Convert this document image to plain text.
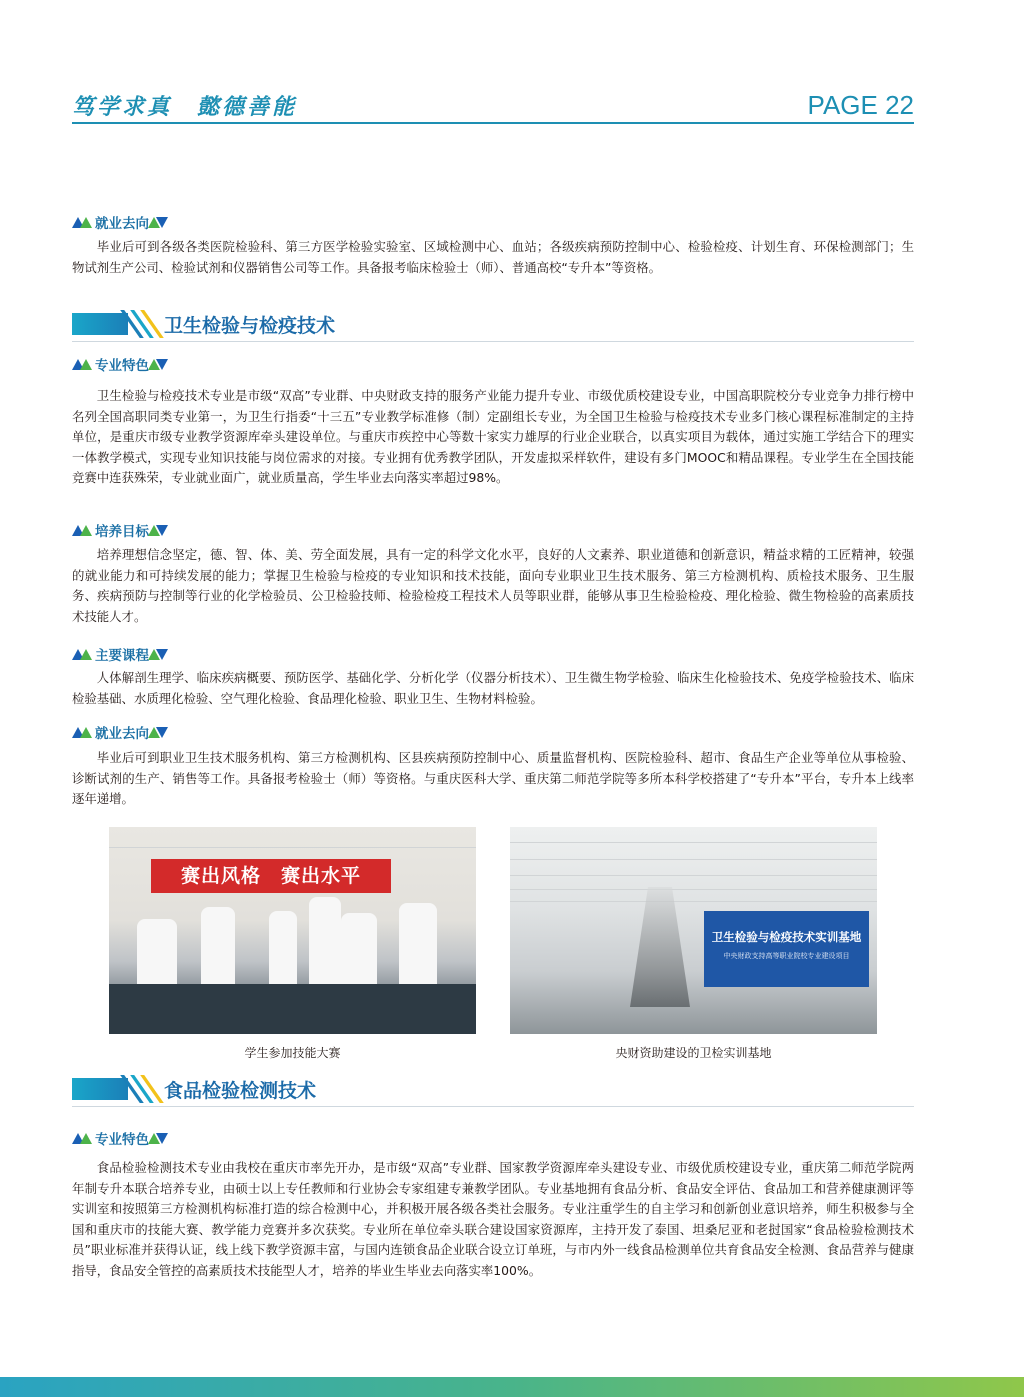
笃学求真　懿德善能	PAGE 22
就业去向

毕业后可到各级各类医院检验科、第三方医学检验实验室、区域检测中心、血站；各级疾病预防控制中心、检验检疫、计划生育、环保检测部门；生物试剂生产公司、检验试剂和仪器销售公司等工作。具备报考临床检验士（师）、普通高校“专升本”等资格。

卫生检验与检疫技术
专业特色

卫生检验与检疫技术专业是市级“双高”专业群、中央财政支持的服务产业能力提升专业、市级优质校建设专业，中国高职院校分专业竞争力排行榜中名列全国高职同类专业第一，为卫生行指委“十三五”专业教学标准修（制）定副组长专业，为全国卫生检验与检疫技术专业多门核心课程标准制定的主持单位，是重庆市级专业教学资源库牵头建设单位。与重庆市疾控中心等数十家实力雄厚的行业企业联合，以真实项目为载体，通过实施工学结合下的理实一体教学模式，实现专业知识技能与岗位需求的对接。专业拥有优秀教学团队，开发虚拟采样软件，建设有多门MOOC和精品课程。专业学生在全国技能竞赛中连获殊荣，专业就业面广，就业质量高，学生毕业去向落实率超过98%。

培养目标

培养理想信念坚定，德、智、体、美、劳全面发展，具有一定的科学文化水平，良好的人文素养、职业道德和创新意识，精益求精的工匠精神，较强的就业能力和可持续发展的能力；掌握卫生检验与检疫的专业知识和技术技能，面向专业职业卫生技术服务、第三方检测机构、质检技术服务、卫生服务、疾病预防与控制等行业的化学检验员、公卫检验技师、检验检疫工程技术人员等职业群，能够从事卫生检验检疫、理化检验、微生物检验的高素质技术技能人才。

主要课程

人体解剖生理学、临床疾病概要、预防医学、基础化学、分析化学（仪器分析技术）、卫生微生物学检验、临床生化检验技术、免疫学检验技术、临床检验基础、水质理化检验、空气理化检验、食品理化检验、职业卫生、生物材料检验。

就业去向

毕业后可到职业卫生技术服务机构、第三方检测机构、区县疾病预防控制中心、质量监督机构、医院检验科、超市、食品生产企业等单位从事检验、诊断试剂的生产、销售等工作。具备报考检验士（师）等资格。与重庆医科大学、重庆第二师范学院等多所本科学校搭建了“专升本”平台，专升本上线率逐年递增。

赛出风格　赛出水平
卫生检验与检疫技术实训基地
中央财政支持高等职业院校专业建设项目
学生参加技能大赛	央财资助建设的卫检实训基地
食品检验检测技术
专业特色

食品检验检测技术专业由我校在重庆市率先开办，是市级“双高”专业群、国家教学资源库牵头建设专业、市级优质校建设专业，重庆第二师范学院两年制专升本联合培养专业，由硕士以上专任教师和行业协会专家组建专兼教学团队。专业基地拥有食品分析、食品安全评估、食品加工和营养健康测评等实训室和按照第三方检测机构标准打造的综合检测中心，并积极开展各级各类社会服务。专业注重学生的自主学习和创新创业意识培养，师生积极参与全国和重庆市的技能大赛、教学能力竞赛并多次获奖。专业所在单位牵头联合建设国家资源库，主持开发了泰国、坦桑尼亚和老挝国家“食品检验检测技术员”职业标准并获得认证，线上线下教学资源丰富，与国内连锁食品企业联合设立订单班，与市内外一线食品检测单位共育食品安全检测、食品营养与健康指导，食品安全管控的高素质技术技能型人才，培养的毕业生毕业去向落实率100%。
